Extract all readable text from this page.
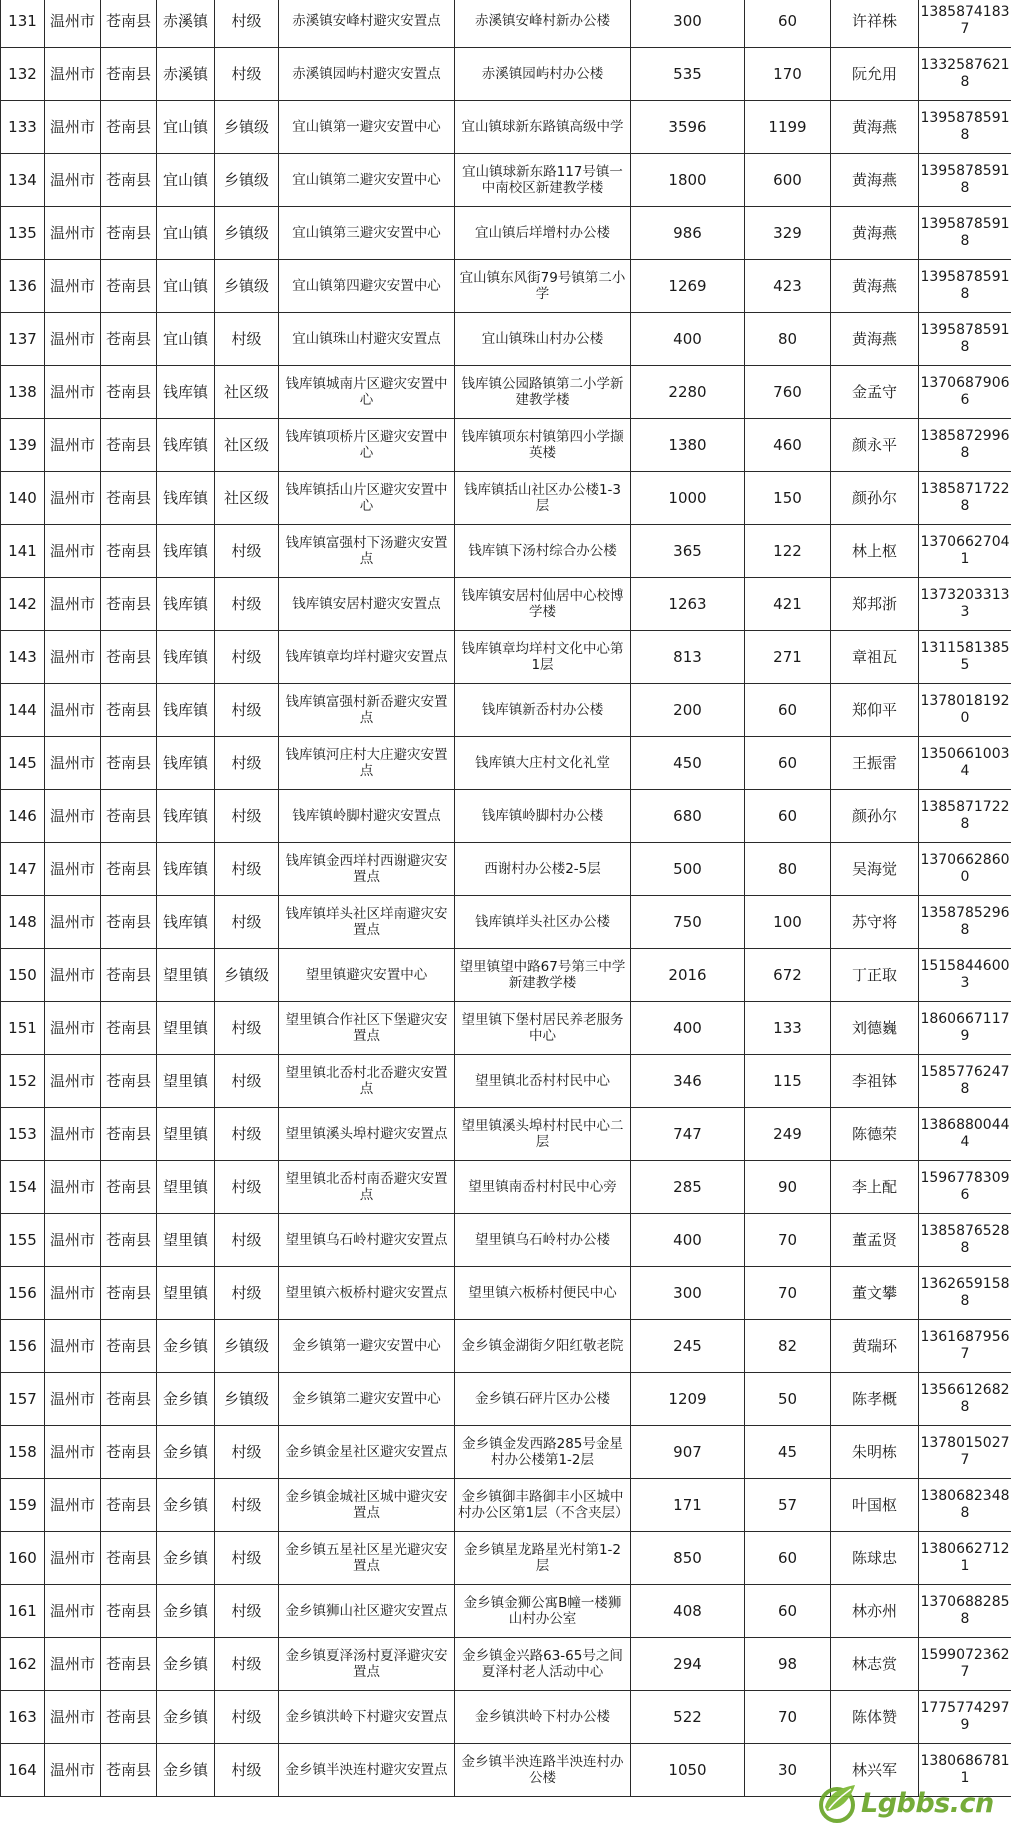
131	温州市	苍南县	赤溪镇	村级	赤溪镇安峰村避灾安置点	赤溪镇安峰村新办公楼	300	60	许祥株	13858741837
132	温州市	苍南县	赤溪镇	村级	赤溪镇园屿村避灾安置点	赤溪镇园屿村办公楼	535	170	阮允用	13325876218
133	温州市	苍南县	宜山镇	乡镇级	宜山镇第一避灾安置中心	宜山镇球新东路镇高级中学	3596	1199	黄海燕	13958785918
134	温州市	苍南县	宜山镇	乡镇级	宜山镇第二避灾安置中心	宜山镇球新东路117号镇一中南校区新建教学楼	1800	600	黄海燕	13958785918
135	温州市	苍南县	宜山镇	乡镇级	宜山镇第三避灾安置中心	宜山镇后垟增村办公楼	986	329	黄海燕	13958785918
136	温州市	苍南县	宜山镇	乡镇级	宜山镇第四避灾安置中心	宜山镇东风街79号镇第二小学	1269	423	黄海燕	13958785918
137	温州市	苍南县	宜山镇	村级	宜山镇珠山村避灾安置点	宜山镇珠山村办公楼	400	80	黄海燕	13958785918
138	温州市	苍南县	钱库镇	社区级	钱库镇城南片区避灾安置中心	钱库镇公园路镇第二小学新建教学楼	2280	760	金孟守	13706879066
139	温州市	苍南县	钱库镇	社区级	钱库镇项桥片区避灾安置中心	钱库镇项东村镇第四小学撷英楼	1380	460	颜永平	13858729968
140	温州市	苍南县	钱库镇	社区级	钱库镇括山片区避灾安置中心	钱库镇括山社区办公楼1-3层	1000	150	颜孙尔	13858717228
141	温州市	苍南县	钱库镇	村级	钱库镇富强村下汤避灾安置点	钱库镇下汤村综合办公楼	365	122	林上枢	13706627041
142	温州市	苍南县	钱库镇	村级	钱库镇安居村避灾安置点	钱库镇安居村仙居中心校博学楼	1263	421	郑邦浙	13732033133
143	温州市	苍南县	钱库镇	村级	钱库镇章均垟村避灾安置点	钱库镇章均垟村文化中心第1层	813	271	章祖瓦	13115813855
144	温州市	苍南县	钱库镇	村级	钱库镇富强村新岙避灾安置点	钱库镇新岙村办公楼	200	60	郑仰平	13780181920
145	温州市	苍南县	钱库镇	村级	钱库镇河庄村大庄避灾安置点	钱库镇大庄村文化礼堂	450	60	王振雷	13506610034
146	温州市	苍南县	钱库镇	村级	钱库镇岭脚村避灾安置点	钱库镇岭脚村办公楼	680	60	颜孙尔	13858717228
147	温州市	苍南县	钱库镇	村级	钱库镇金西垟村西谢避灾安置点	西谢村办公楼2-5层	500	80	吴海觉	13706628600
148	温州市	苍南县	钱库镇	村级	钱库镇垟头社区垟南避灾安置点	钱库镇垟头社区办公楼	750	100	苏守将	13587852968
150	温州市	苍南县	望里镇	乡镇级	望里镇避灾安置中心	望里镇望中路67号第三中学新建教学楼	2016	672	丁正取	15158446003
151	温州市	苍南县	望里镇	村级	望里镇合作社区下堡避灾安置点	望里镇下堡村居民养老服务中心	400	133	刘德巍	18606671179
152	温州市	苍南县	望里镇	村级	望里镇北岙村北岙避灾安置点	望里镇北岙村村民中心	346	115	李祖钵	15857762478
153	温州市	苍南县	望里镇	村级	望里镇溪头埠村避灾安置点	望里镇溪头埠村村民中心二层	747	249	陈德荣	13868800444
154	温州市	苍南县	望里镇	村级	望里镇北岙村南岙避灾安置点	望里镇南岙村村民中心旁	285	90	李上配	15967783096
155	温州市	苍南县	望里镇	村级	望里镇乌石岭村避灾安置点	望里镇乌石岭村办公楼	400	70	董孟贤	13858765288
156	温州市	苍南县	望里镇	村级	望里镇六板桥村避灾安置点	望里镇六板桥村便民中心	300	70	董文攀	13626591588
156	温州市	苍南县	金乡镇	乡镇级	金乡镇第一避灾安置中心	金乡镇金湖街夕阳红敬老院	245	82	黄瑞环	13616879567
157	温州市	苍南县	金乡镇	乡镇级	金乡镇第二避灾安置中心	金乡镇石砰片区办公楼	1209	50	陈孝概	13566126828
158	温州市	苍南县	金乡镇	村级	金乡镇金星社区避灾安置点	金乡镇金发西路285号金星村办公楼第1-2层	907	45	朱明栋	13780150277
159	温州市	苍南县	金乡镇	村级	金乡镇金城社区城中避灾安置点	金乡镇御丰路御丰小区城中村办公区第1层（不含夹层）	171	57	叶国枢	13806823488
160	温州市	苍南县	金乡镇	村级	金乡镇五星社区星光避灾安置点	金乡镇星龙路星光村第1-2层	850	60	陈球忠	13806627121
161	温州市	苍南县	金乡镇	村级	金乡镇狮山社区避灾安置点	金乡镇金狮公寓B幢一楼狮山村办公室	408	60	林亦州	13706882858
162	温州市	苍南县	金乡镇	村级	金乡镇夏泽汤村夏泽避灾安置点	金乡镇金兴路63-65号之间夏泽村老人活动中心	294	98	林志赏	15990723627
163	温州市	苍南县	金乡镇	村级	金乡镇洪岭下村避灾安置点	金乡镇洪岭下村办公楼	522	70	陈体赞	17757742979
164	温州市	苍南县	金乡镇	村级	金乡镇半泱连村避灾安置点	金乡镇半泱连路半泱连村办公楼	1050	30	林兴军	13806867811
Lgbbs.cn
